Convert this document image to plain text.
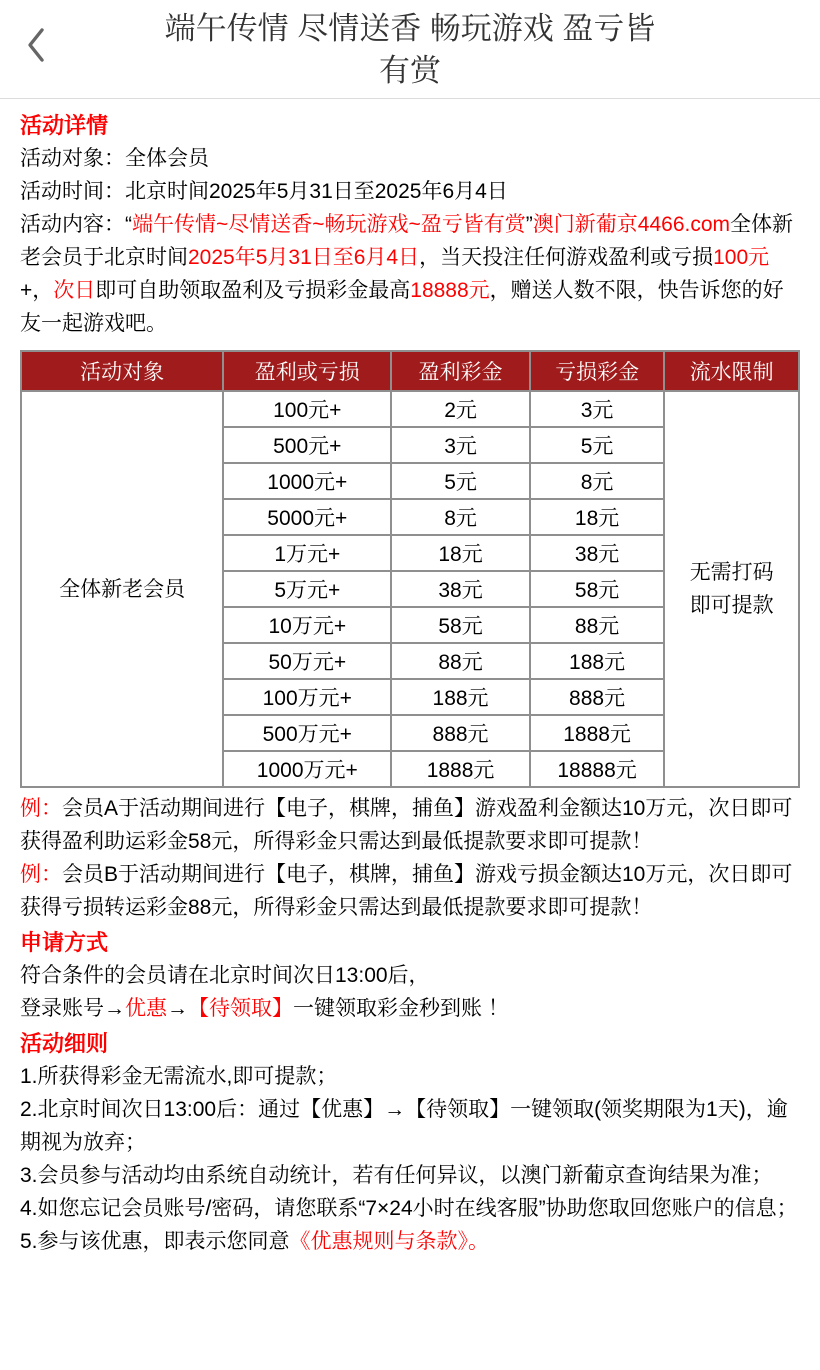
端午传情 尽情送香 畅玩游戏 盈亏皆有赏
活动详情

活动对象：全体会员

活动时间：北京时间2025年5月31日至2025年6月4日

活动内容：“端午传情~尽情送香~畅玩游戏~盈亏皆有赏”澳门新葡京4466.com全体新老会员于北京时间2025年5月31日至6月4日，当天投注任何游戏盈利或亏损100元+，次日即可自助领取盈利及亏损彩金最高18888元，赠送人数不限，快告诉您的好友一起游戏吧。

活动对象	盈利或亏损	盈利彩金	亏损彩金	流水限制
全体新老会员	100元+	2元	3元	无需打码
即可提款
	500元+	3元	5元	
	1000元+	5元	8元	
	5000元+	8元	18元	
	1万元+	18元	38元	
	5万元+	38元	58元	
	10万元+	58元	88元	
	50万元+	88元	188元	
	100万元+	188元	888元	
	500万元+	888元	1888元	
	1000万元+	1888元	18888元	

例：会员A于活动期间进行【电子，棋牌，捕鱼】游戏盈利金额达10万元，次日即可获得盈利助运彩金58元，所得彩金只需达到最低提款要求即可提款！

例：会员B于活动期间进行【电子，棋牌，捕鱼】游戏亏损金额达10万元，次日即可获得亏损转运彩金88元，所得彩金只需达到最低提款要求即可提款！

申请方式

符合条件的会员请在北京时间次日13:00后，

登录账号→优惠→【待领取】一键领取彩金秒到账 ！

活动细则

1.所获得彩金无需流水,即可提款；

2.北京时间次日13:00后：通过【优惠】→【待领取】一键领取(领奖期限为1天)，逾期视为放弃；

3.会员参与活动均由系统自动统计，若有任何异议，以澳门新葡京查询结果为准；

4.如您忘记会员账号/密码，请您联系“7×24小时在线客服”协助您取回您账户的信息；

5.参与该优惠，即表示您同意《优惠规则与条款》。
